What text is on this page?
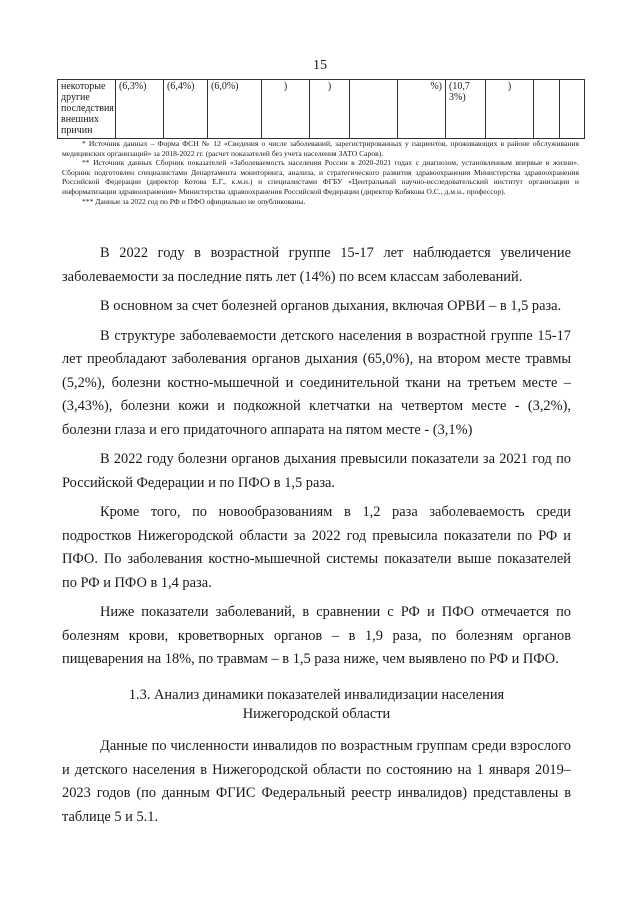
15
некоторые другие последствия внешних причин	(6,3%)	(6,4%)	(6,0%)	)	)		%)	(10,7 3%)	)		

* Источник данных – Форма ФСН № 12 «Сведения о числе заболеваний, зарегистрированных у пациентов, проживающих в районе обслуживания медицинских организаций» за 2018-2022 гг. (расчет показателей без учета населения ЗАТО Саров).

** Источник данных Сборник показателей «Заболеваемость населения России в 2020-2021 годах с диагнозом, установленным впервые в жизни». Сборник подготовлен специалистами Департамента мониторинга, анализа, и стратегического развития здравоохранения Министерства здравоохранения Российской Федерации (директор Котова Е.Г., к.м.н.) и специалистами ФГБУ «Центральный научно-исследовательский институт организации и информатизации здравоохранения» Министерства здравоохранения Российской Федерации (директор Кобякова О.С., д.м.н., профессор).

*** Данные за 2022 год по РФ и ПФО официально не опубликованы.

В 2022 году в возрастной группе 15-17 лет наблюдается увеличение заболеваемости за последние пять лет (14%) по всем классам заболеваний.

В основном за счет болезней органов дыхания, включая ОРВИ – в 1,5 раза.

В структуре заболеваемости детского населения в возрастной группе 15-17 лет преобладают заболевания органов дыхания (65,0%), на втором месте травмы (5,2%), болезни костно-мышечной и соединительной ткани на третьем месте – (3,43%), болезни кожи и подкожной клетчатки на четвертом месте - (3,2%), болезни глаза и его придаточного аппарата на пятом месте - (3,1%)

В 2022 году болезни органов дыхания превысили показатели за 2021 год по Российской Федерации и по ПФО в 1,5 раза.

Кроме того, по новообразованиям в 1,2 раза заболеваемость среди подростков Нижегородской области за 2022 год превысила показатели по РФ и ПФО. По заболевания костно-мышечной системы показатели выше показателей по РФ и ПФО в 1,4 раза.

Ниже показатели заболеваний, в сравнении с РФ и ПФО отмечается по болезням крови, кроветворных органов – в 1,9 раза, по болезням органов пищеварения на 18%, по травмам – в 1,5 раза ниже, чем выявлено по РФ и ПФО.

1.3. Анализ динамики показателей инвалидизации населения
Нижегородской области

Данные по численности инвалидов по возрастным группам среди взрослого и детского населения в Нижегородской области по состоянию на 1 января 2019–2023 годов (по данным ФГИС Федеральный реестр инвалидов) представлены в таблице 5 и 5.1.
